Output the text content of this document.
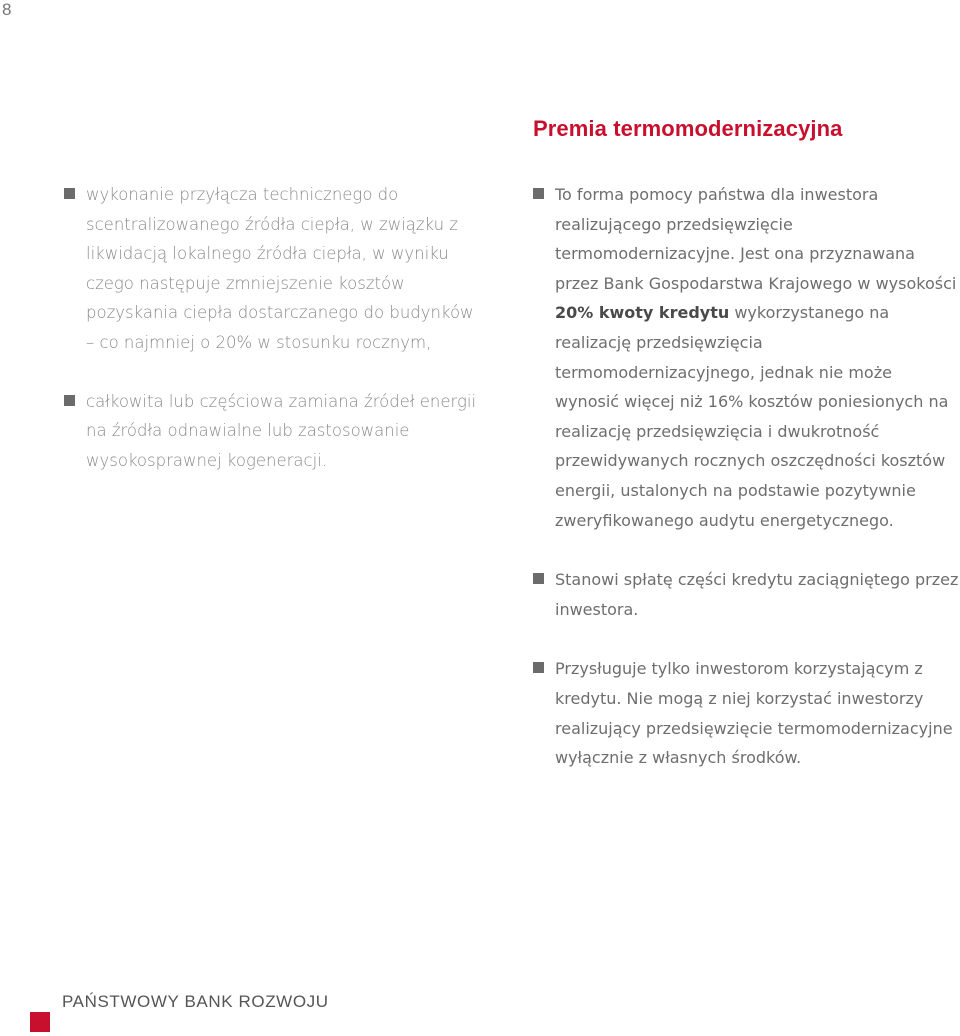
8
Premia termomodernizacyjna
wykonanie przyłącza technicznego do scentralizowanego źródła ciepła, w związku z likwidacją lokalnego źródła ciepła, w wyniku czego następuje zmniejszenie kosztów pozyskania ciepła dostarczanego do budynków – co najmniej o 20% w stosunku rocznym,
całkowita lub częściowa zamiana źródeł energii na źródła odnawialne lub zastosowanie wysokosprawnej kogeneracji.
To forma pomocy państwa dla inwestora realizującego przedsięwzięcie termomodernizacyjne. Jest ona przyznawana przez Bank Gospodarstwa Krajowego w wysokości 20% kwoty kredytu wykorzystanego na realizację przedsięwzięcia termomodernizacyjnego, jednak nie może wynosić więcej niż 16% kosztów poniesionych na realizację przedsięwzięcia i dwukrotność przewidywanych rocznych oszczędności kosztów energii, ustalonych na podstawie pozytywnie zweryfikowanego audytu energetycznego.
Stanowi spłatę części kredytu zaciągniętego przez inwestora.
Przysługuje tylko inwestorom korzystającym z kredytu. Nie mogą z niej korzystać inwestorzy realizujący przedsięwzięcie termomodernizacyjne wyłącznie z własnych środków.
PAŃSTWOWY BANK ROZWOJU
